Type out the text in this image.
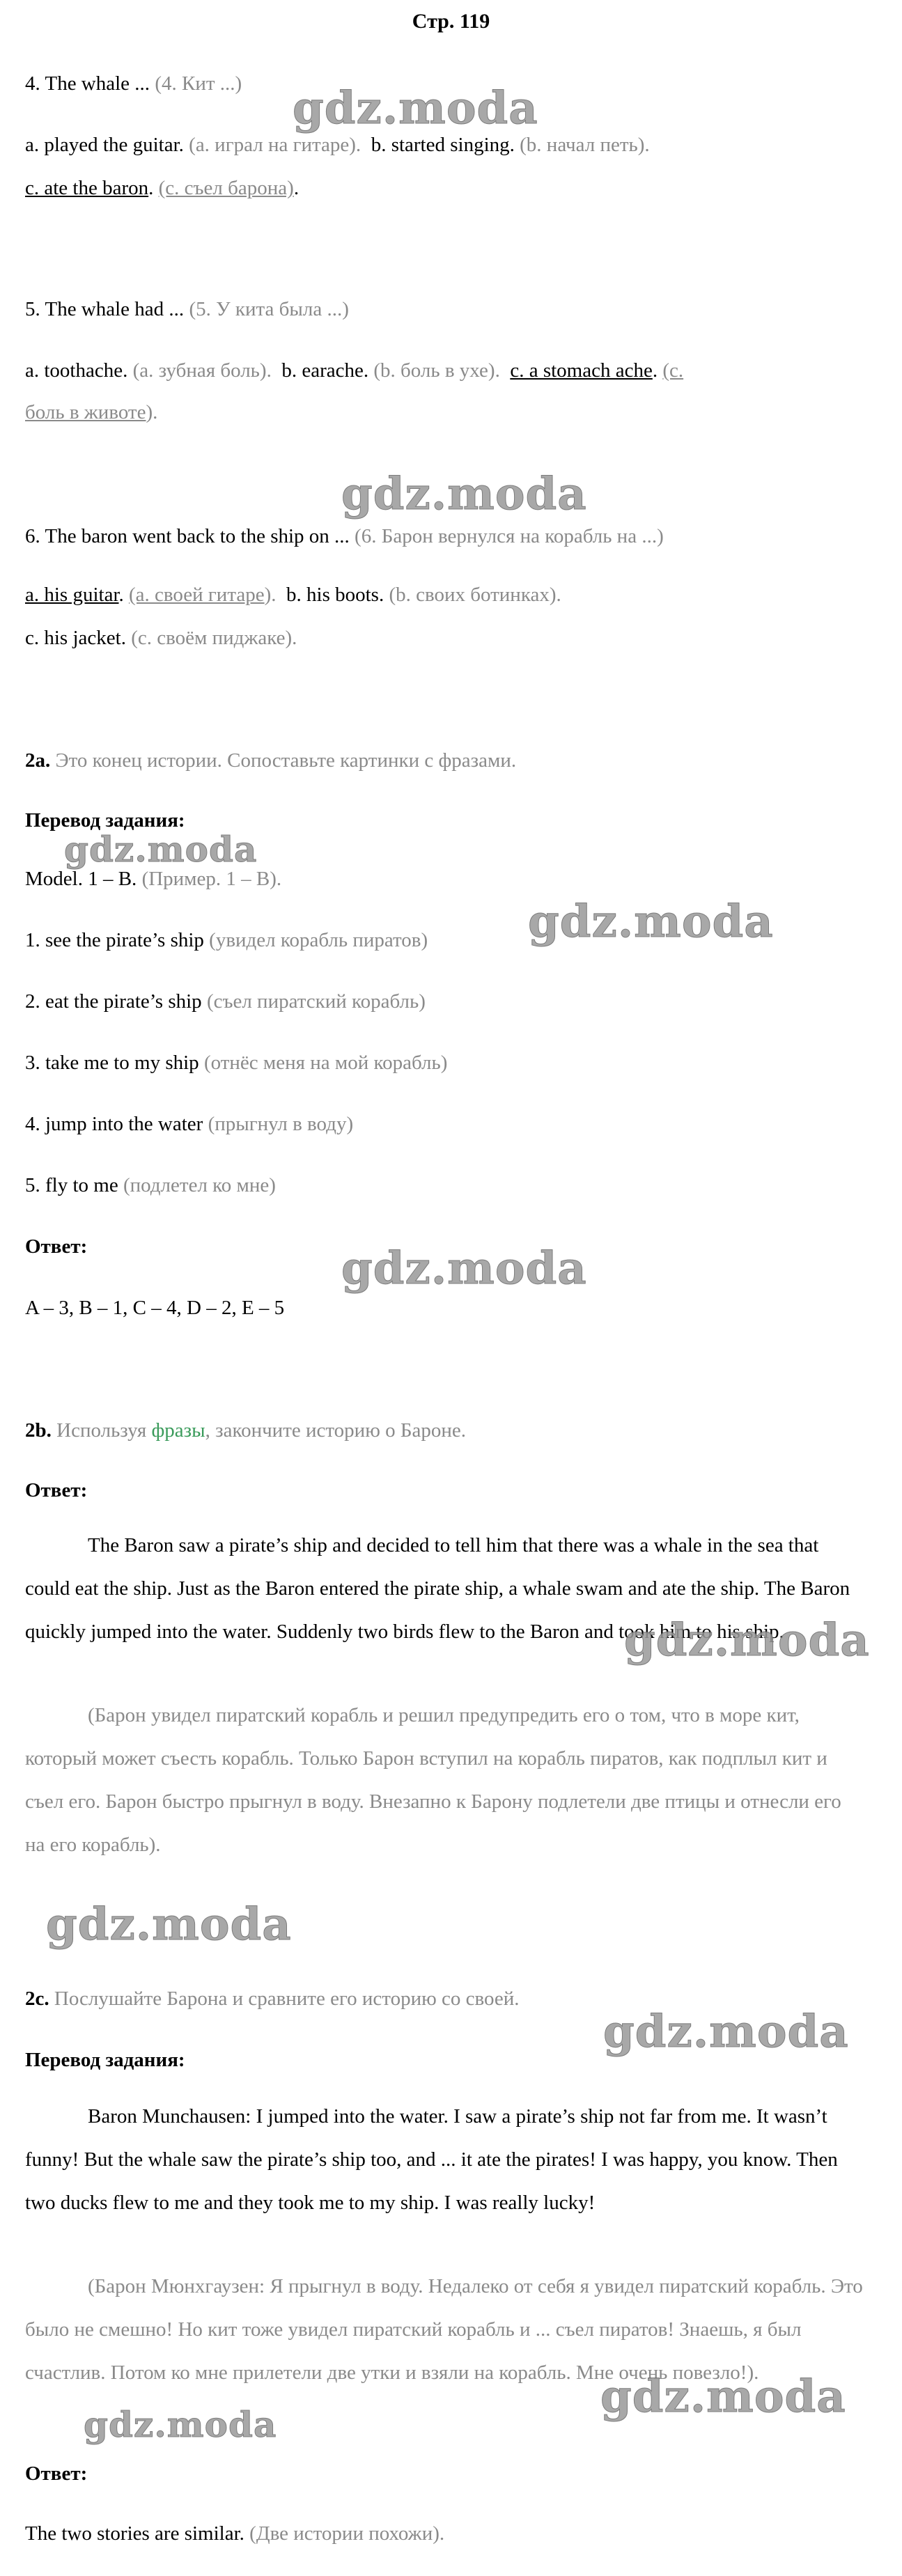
Стр. 119
4. The whale ... (4. Кит ...)
a. played the guitar. (a. играл на гитаре). b. started singing. (b. начал петь).
c. ate the baron. (с. съел барона).
5. The whale had ... (5. У кита была ...)
a. toothache. (a. зубная боль). b. earache. (b. боль в ухе). c. a stomach ache. (с.
боль в животе).
6. The baron went back to the ship on ... (6. Барон вернулся на корабль на ...)
a. his guitar. (a. своей гитаре). b. his boots. (b. своих ботинках).
c. his jacket. (c. своём пиджаке).
2a. Это конец истории. Сопоставьте картинки с фразами.
Перевод задания:
Model. 1 – B. (Пример. 1 – В).
1. see the pirate’s ship (увидел корабль пиратов)
2. eat the pirate’s ship (съел пиратский корабль)
3. take me to my ship (отнёс меня на мой корабль)
4. jump into the water (прыгнул в воду)
5. fly to me (подлетел ко мне)
Ответ:
A – 3, B – 1, C – 4, D – 2, E – 5
2b. Используя фразы, закончите историю о Бароне.
Ответ:
The Baron saw a pirate’s ship and decided to tell him that there was a whale in the sea that could eat the ship. Just as the Baron entered the pirate ship, a whale swam and ate the ship. The Baron quickly jumped into the water. Suddenly two birds flew to the Baron and took him to his ship.
(Барон увидел пиратский корабль и решил предупредить его о том, что в море кит, который может съесть корабль. Только Барон вступил на корабль пиратов, как подплыл кит и съел его. Барон быстро прыгнул в воду. Внезапно к Барону подлетели две птицы и отнесли его на его корабль).
2c. Послушайте Барона и сравните его историю со своей.
Перевод задания:
Baron Munchausen: I jumped into the water. I saw a pirate’s ship not far from me. It wasn’t funny! But the whale saw the pirate’s ship too, and ... it ate the pirates! I was happy, you know. Then two ducks flew to me and they took me to my ship. I was really lucky!
(Барон Мюнхгаузен: Я прыгнул в воду. Недалеко от себя я увидел пиратский корабль. Это было не смешно! Но кит тоже увидел пиратский корабль и ... съел пиратов! Знаешь, я был счастлив. Потом ко мне прилетели две утки и взяли на корабль. Мне очень повезло!).
Ответ:
The two stories are similar. (Две истории похожи).
gdz.moda
gdz.moda
gdz.moda
gdz.moda
gdz.moda
gdz.moda
gdz.moda
gdz.moda
gdz.moda
gdz.moda
